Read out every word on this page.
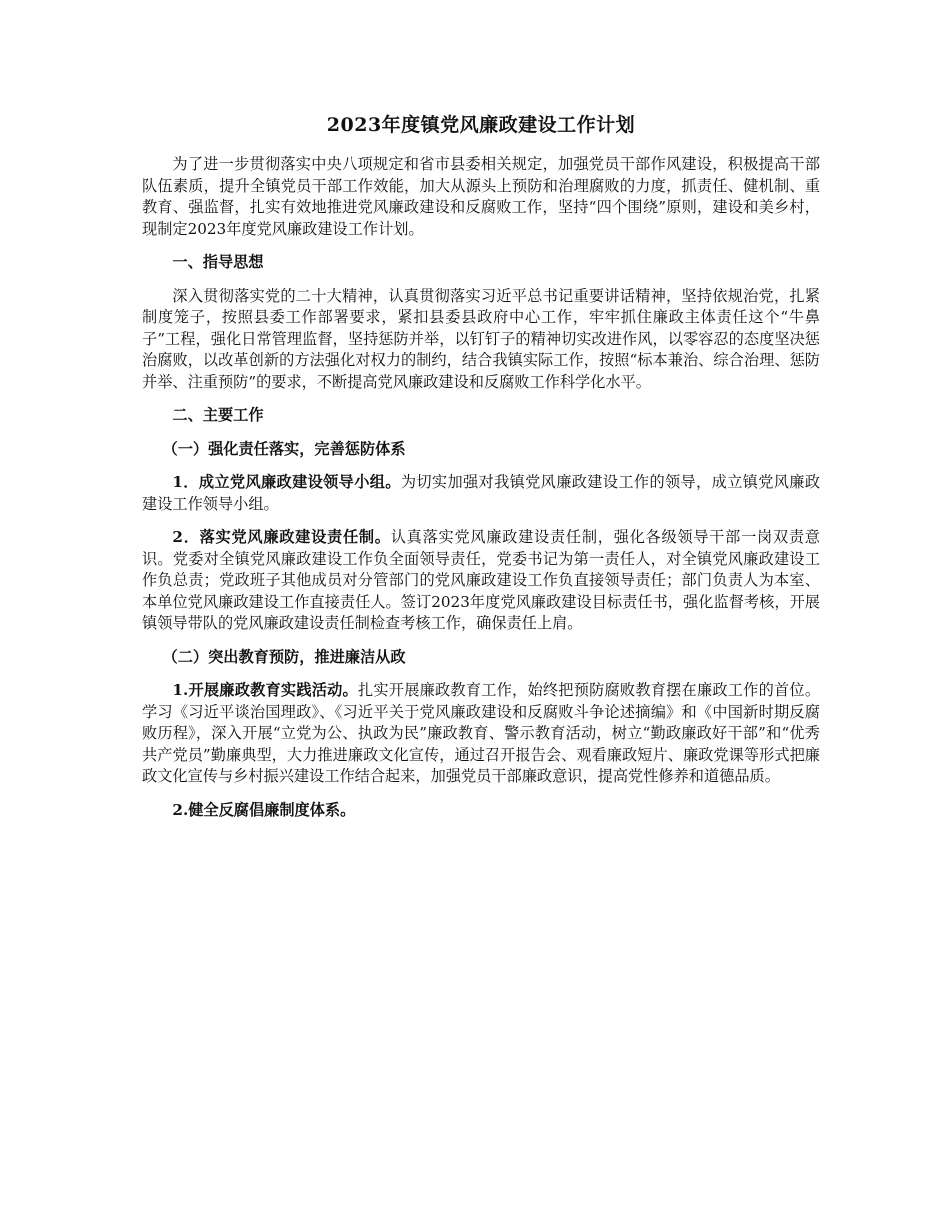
2023年度镇党风廉政建设工作计划

为了进一步贯彻落实中央八项规定和省市县委相关规定，加强党员干部作风建设，积极提高干部队伍素质，提升全镇党员干部工作效能，加大从源头上预防和治理腐败的力度，抓责任、健机制、重教育、强监督，扎实有效地推进党风廉政建设和反腐败工作，坚持“四个围绕”原则，建设和美乡村，现制定2023年度党风廉政建设工作计划。

一、指导思想

深入贯彻落实党的二十大精神，认真贯彻落实习近平总书记重要讲话精神，坚持依规治党，扎紧制度笼子，按照县委工作部署要求，紧扣县委县政府中心工作，牢牢抓住廉政主体责任这个“牛鼻子”工程，强化日常管理监督，坚持惩防并举，以钉钉子的精神切实改进作风，以零容忍的态度坚决惩治腐败，以改革创新的方法强化对权力的制约，结合我镇实际工作，按照“标本兼治、综合治理、惩防并举、注重预防”的要求，不断提高党风廉政建设和反腐败工作科学化水平。

二、主要工作

（一）强化责任落实，完善惩防体系

1．成立党风廉政建设领导小组。为切实加强对我镇党风廉政建设工作的领导，成立镇党风廉政建设工作领导小组。

2．落实党风廉政建设责任制。认真落实党风廉政建设责任制，强化各级领导干部一岗双责意识。党委对全镇党风廉政建设工作负全面领导责任，党委书记为第一责任人，对全镇党风廉政建设工作负总责；党政班子其他成员对分管部门的党风廉政建设工作负直接领导责任；部门负责人为本室、本单位党风廉政建设工作直接责任人。签订2023年度党风廉政建设目标责任书，强化监督考核，开展镇领导带队的党风廉政建设责任制检查考核工作，确保责任上肩。

（二）突出教育预防，推进廉洁从政

1.开展廉政教育实践活动。扎实开展廉政教育工作，始终把预防腐败教育摆在廉政工作的首位。学习《习近平谈治国理政》、《习近平关于党风廉政建设和反腐败斗争论述摘编》和《中国新时期反腐败历程》，深入开展“立党为公、执政为民”廉政教育、警示教育活动，树立“勤政廉政好干部”和“优秀共产党员”勤廉典型，大力推进廉政文化宣传，通过召开报告会、观看廉政短片、廉政党课等形式把廉政文化宣传与乡村振兴建设工作结合起来，加强党员干部廉政意识，提高党性修养和道德品质。

2.健全反腐倡廉制度体系。
